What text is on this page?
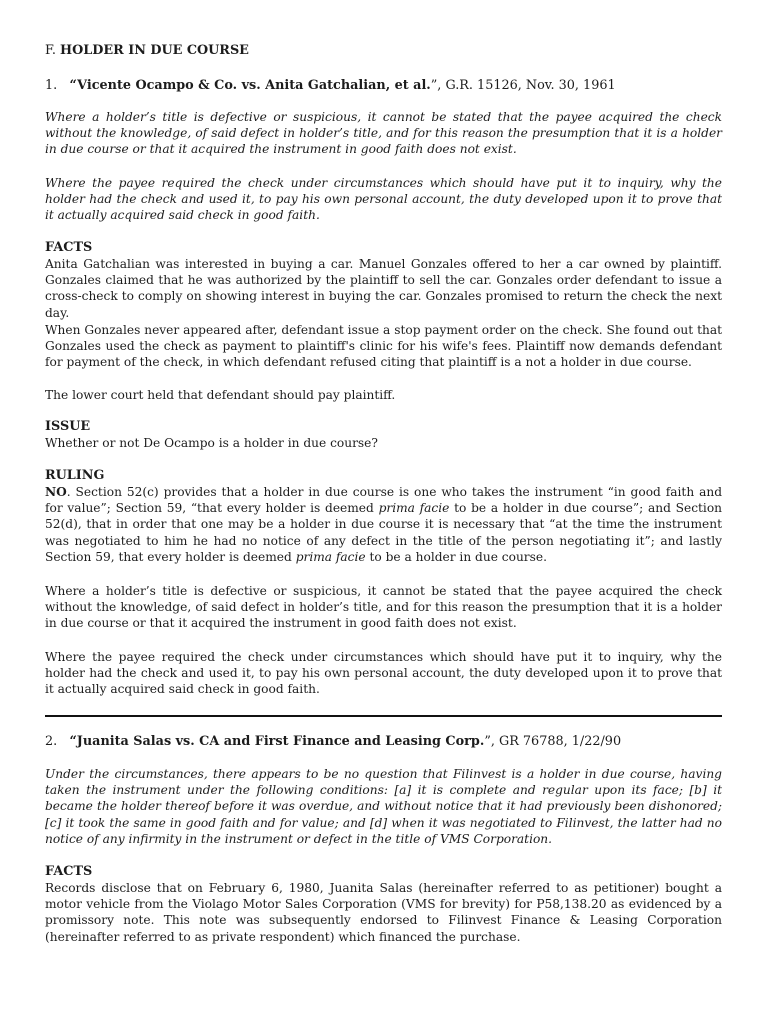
F. HOLDER IN DUE COURSE

1. “Vicente Ocampo & Co. vs. Anita Gatchalian, et al.”, G.R. 15126, Nov. 30, 1961

Where a holder’s title is defective or suspicious, it cannot be stated that the payee acquired the check without the knowledge, of said defect in holder’s title, and for this reason the presumption that it is a holder in due course or that it acquired the instrument in good faith does not exist.

Where the payee required the check under circumstances which should have put it to inquiry, why the holder had the check and used it, to pay his own personal account, the duty developed upon it to prove that it actually acquired said check in good faith.

FACTS

Anita Gatchalian was interested in buying a car. Manuel Gonzales offered to her a car owned by plaintiff. Gonzales claimed that he was authorized by the plaintiff to sell the car. Gonzales order defendant to issue a cross-check to comply on showing interest in buying the car. Gonzales promised to return the check the next day.

When Gonzales never appeared after, defendant issue a stop payment order on the check. She found out that Gonzales used the check as payment to plaintiff's clinic for his wife's fees. Plaintiff now demands defendant for payment of the check, in which defendant refused citing that plaintiff is a not a holder in due course.

The lower court held that defendant should pay plaintiff.

ISSUE

Whether or not De Ocampo is a holder in due course?

RULING

NO. Section 52(c) provides that a holder in due course is one who takes the instrument “in good faith and for value”; Section 59, “that every holder is deemed prima facie to be a holder in due course”; and Section 52(d), that in order that one may be a holder in due course it is necessary that “at the time the instrument was negotiated to him he had no notice of any defect in the title of the person negotiating it”; and lastly Section 59, that every holder is deemed prima facie to be a holder in due course.

Where a holder’s title is defective or suspicious, it cannot be stated that the payee acquired the check without the knowledge, of said defect in holder’s title, and for this reason the presumption that it is a holder in due course or that it acquired the instrument in good faith does not exist.

Where the payee required the check under circumstances which should have put it to inquiry, why the holder had the check and used it, to pay his own personal account, the duty developed upon it to prove that it actually acquired said check in good faith.

2. “Juanita Salas vs. CA and First Finance and Leasing Corp.”, GR 76788, 1/22/90

Under the circumstances, there appears to be no question that Filinvest is a holder in due course, having taken the instrument under the following conditions: [a] it is complete and regular upon its face; [b] it became the holder thereof before it was overdue, and without notice that it had previously been dishonored; [c] it took the same in good faith and for value; and [d] when it was negotiated to Filinvest, the latter had no notice of any infirmity in the instrument or defect in the title of VMS Corporation.

FACTS

Records disclose that on February 6, 1980, Juanita Salas (hereinafter referred to as petitioner) bought a motor vehicle from the Violago Motor Sales Corporation (VMS for brevity) for P58,138.20 as evidenced by a promissory note. This note was subsequently endorsed to Filinvest Finance & Leasing Corporation (hereinafter referred to as private respondent) which financed the purchase.
